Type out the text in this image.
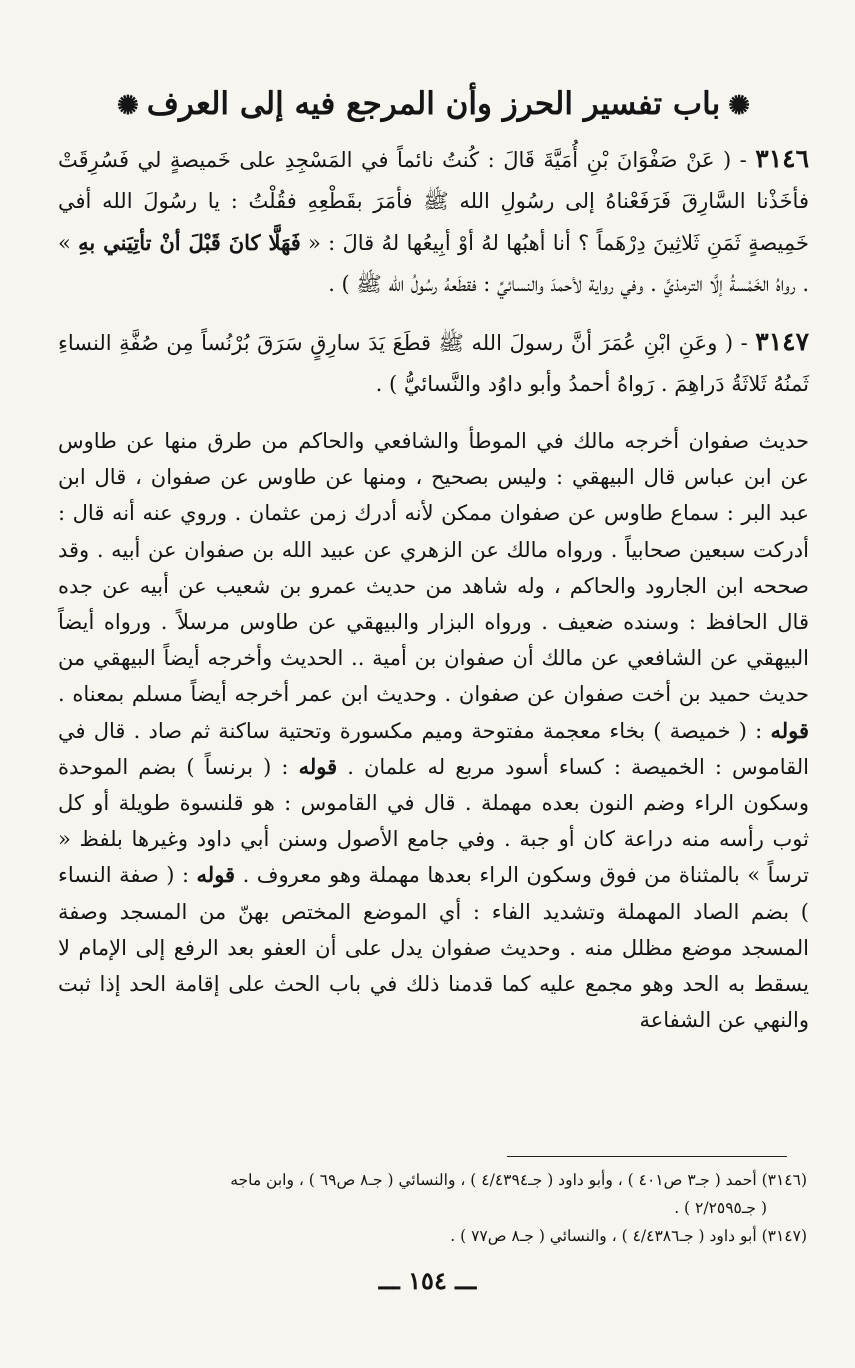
✺باب تفسير الحرز وأن المرجع فيه إلى العرف✺

٣١٤٦ - ( عَنْ صَفْوَانَ بْنِ أُمَيَّةَ قَالَ : كُنتُ نائماً في المَسْجِدِ على خَميصةٍ لي فَسُرِقَتْ فأخَذْنا السَّارِقَ فَرَفَعْناهُ إلى رسُولِ الله ﷺ فأمَرَ بقَطْعِهِ فقُلْتُ : يا رسُولَ الله أفي خَمِيصةٍ ثَمَنِ ثَلاثِينَ دِرْهَماً ؟ أنا أهبُها لهُ أوْ أبِيعُها لهُ قالَ : « فَهَلَّا كانَ قَبْلَ أنْ تأتِيَني بهِ » . رواهُ الخَمْسةُ إلَّا الترمذيَّ . وفي رواية لأحمدَ والنسائيِّ : فقطَعهُ رسُولُ الله ﷺ ) .

٣١٤٧ - ( وعَنِ ابْنِ عُمَرَ أنَّ رسولَ الله ﷺ قطَعَ يَدَ سارِقٍ سَرَقَ بُرْنُساً مِن صُفَّةِ النساءِ ثَمنُهُ ثَلاثَةُ دَراهِمَ . رَواهُ أحمدُ وأبو داوُد والنَّسائيُّ ) .

حديث صفوان أخرجه مالك في الموطأ والشافعي والحاكم من طرق منها عن طاوس عن ابن عباس قال البيهقي : وليس بصحيح ، ومنها عن طاوس عن صفوان ، قال ابن عبد البر : سماع طاوس عن صفوان ممكن لأنه أدرك زمن عثمان . وروي عنه أنه قال : أدركت سبعين صحابياً . ورواه مالك عن الزهري عن عبيد الله بن صفوان عن أبيه . وقد صححه ابن الجارود والحاكم ، وله شاهد من حديث عمرو بن شعيب عن أبيه عن جده قال الحافظ : وسنده ضعيف . ورواه البزار والبيهقي عن طاوس مرسلاً . ورواه أيضاً البيهقي عن الشافعي عن مالك أن صفوان بن أمية .. الحديث وأخرجه أيضاً البيهقي من حديث حميد بن أخت صفوان عن صفوان . وحديث ابن عمر أخرجه أيضاً مسلم بمعناه . قوله : ( خميصة ) بخاء معجمة مفتوحة وميم مكسورة وتحتية ساكنة ثم صاد . قال في القاموس : الخميصة : كساء أسود مربع له علمان . قوله : ( برنساً ) بضم الموحدة وسكون الراء وضم النون بعده مهملة . قال في القاموس : هو قلنسوة طويلة أو كل ثوب رأسه منه دراعة كان أو جبة . وفي جامع الأصول وسنن أبي داود وغيرها بلفظ « ترساً » بالمثناة من فوق وسكون الراء بعدها مهملة وهو معروف . قوله : ( صفة النساء ) بضم الصاد المهملة وتشديد الفاء : أي الموضع المختص بهنّ من المسجد وصفة المسجد موضع مظلل منه . وحديث صفوان يدل على أن العفو بعد الرفع إلى الإمام لا يسقط به الحد وهو مجمع عليه كما قدمنا ذلك في باب الحث على إقامة الحد إذا ثبت والنهي عن الشفاعة

(٣١٤٦) أحمد ( جـ٣ ص٤٠١ ) ، وأبو داود ( جـ٤/٤٣٩٤ ) ، والنسائي ( جـ٨ ص٦٩ ) ، وابن ماجه

( جـ٢/٢٥٩٥ ) .

(٣١٤٧) أبو داود ( جـ٤/٤٣٨٦ ) ، والنسائي ( جـ٨ ص٧٧ ) .

ـــ ١٥٤ ـــ
